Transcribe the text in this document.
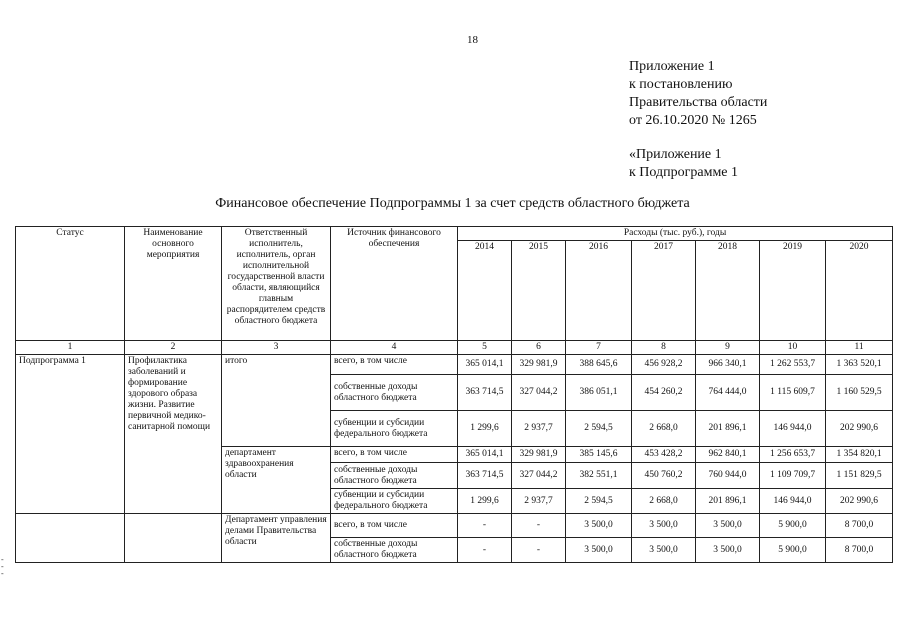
18
Приложение 1
к постановлению
Правительства области
от 26.10.2020 № 1265
«Приложение 1
к Подпрограмме 1
Финансовое обеспечение Подпрограммы 1 за счет средств областного бюджета
Статус	Наименование основного мероприятия	Ответственный исполнитель, исполнитель, орган исполнительной государственной власти области, являющийся главным распорядителем средств областного бюджета	Источник финансового обеспечения	Расходы (тыс. руб.), годы						
				2014	2015	2016	2017	2018	2019	2020
1	2	3	4	5	6	7	8	9	10	11
Подпрограмма 1	Профилактика заболеваний и формирование здорового образа жизни. Развитие первичной медико-санитарной помощи	итого	всего, в том числе	365 014,1	329 981,9	388 645,6	456 928,2	966 340,1	1 262 553,7	1 363 520,1
			собственные доходы областного бюджета	363 714,5	327 044,2	386 051,1	454 260,2	764 444,0	1 115 609,7	1 160 529,5
			субвенции и субсидии федерального бюджета	1 299,6	2 937,7	2 594,5	2 668,0	201 896,1	146 944,0	202 990,6
		департамент здравоохранения области	всего, в том числе	365 014,1	329 981,9	385 145,6	453 428,2	962 840,1	1 256 653,7	1 354 820,1
			собственные доходы областного бюджета	363 714,5	327 044,2	382 551,1	450 760,2	760 944,0	1 109 709,7	1 151 829,5
			субвенции и субсидии федерального бюджета	1 299,6	2 937,7	2 594,5	2 668,0	201 896,1	146 944,0	202 990,6
		Департамент управления делами Правительства области	всего, в том числе	-	-	3 500,0	3 500,0	3 500,0	5 900,0	8 700,0
			собственные доходы областного бюджета	-	-	3 500,0	3 500,0	3 500,0	5 900,0	8 700,0
-
-
-
